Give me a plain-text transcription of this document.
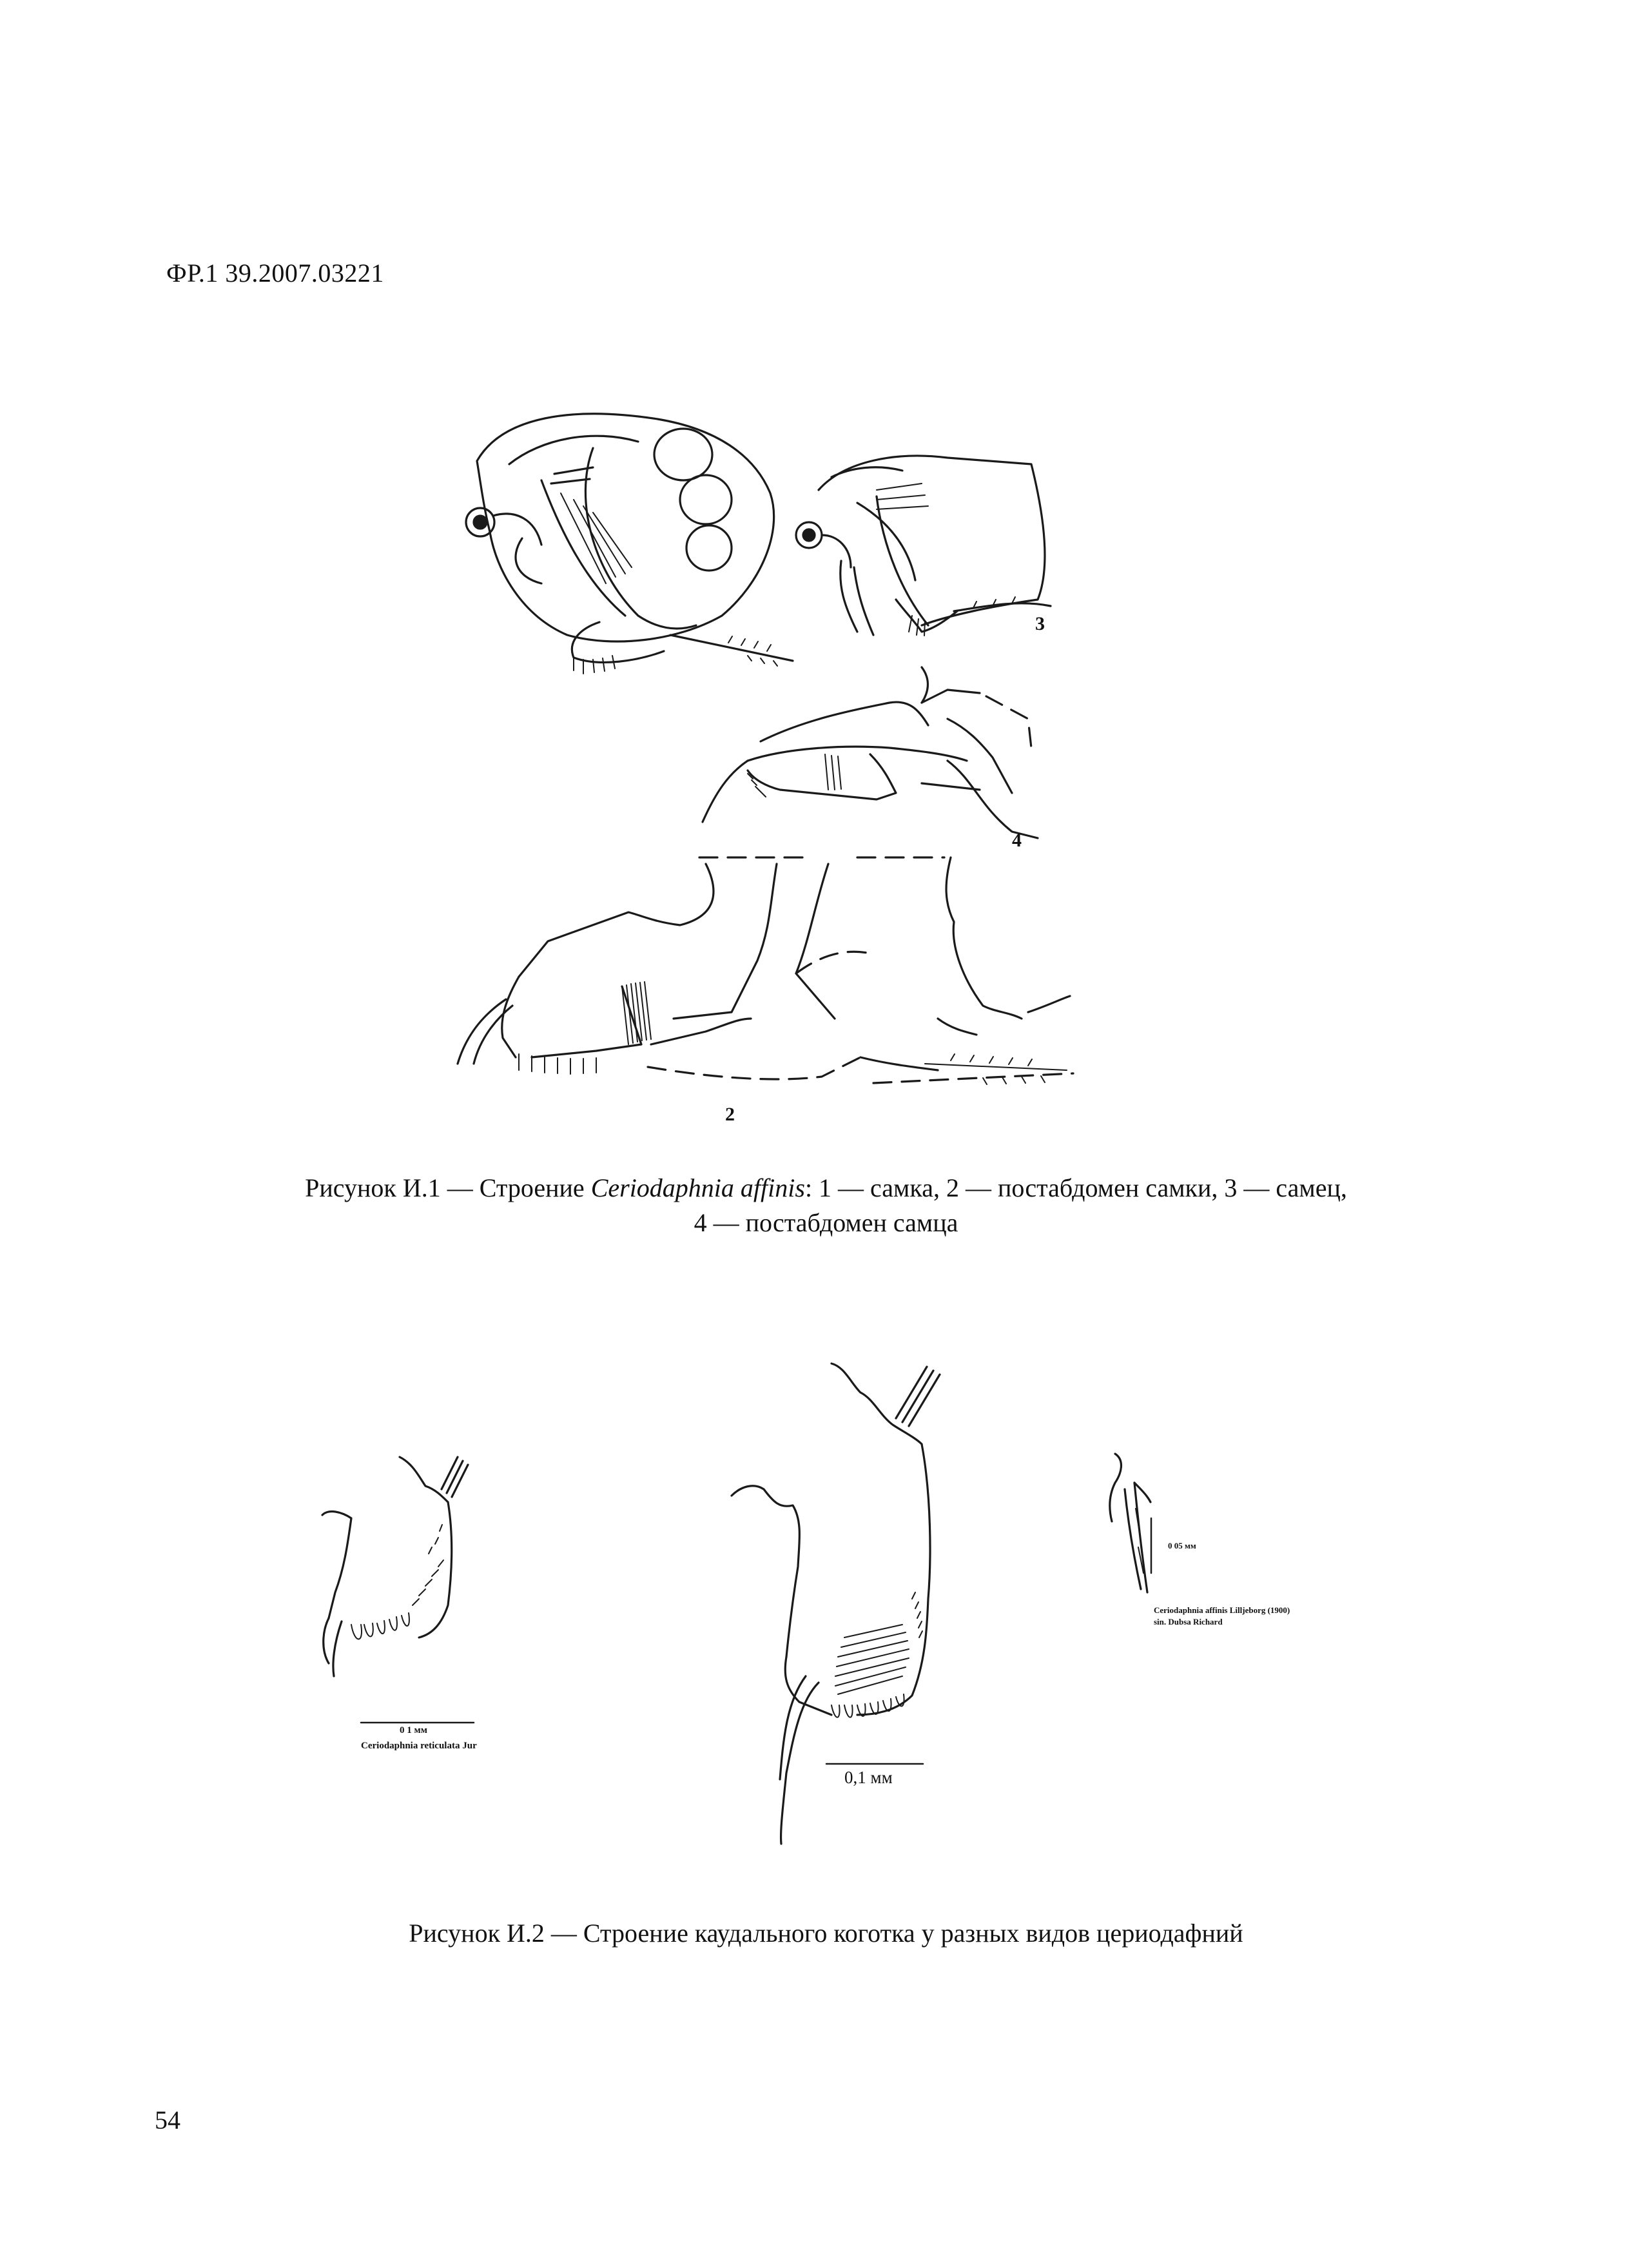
ФР.1 39.2007.03221
3
4
2
Рисунок И.1 — Строение Ceriodaphnia affinis: 1 — самка, 2 — постабдомен самки, 3 — самец,
4 — постабдомен самца
0 1 мм
Ceriodaphnia reticulata Jur
0,1 мм
0 05 мм
Ceriodaphnia affinis Lilljeborg (1900)
sin. Dubsa Richard
Рисунок И.2 — Строение каудального коготка у разных видов цериодафний
54
